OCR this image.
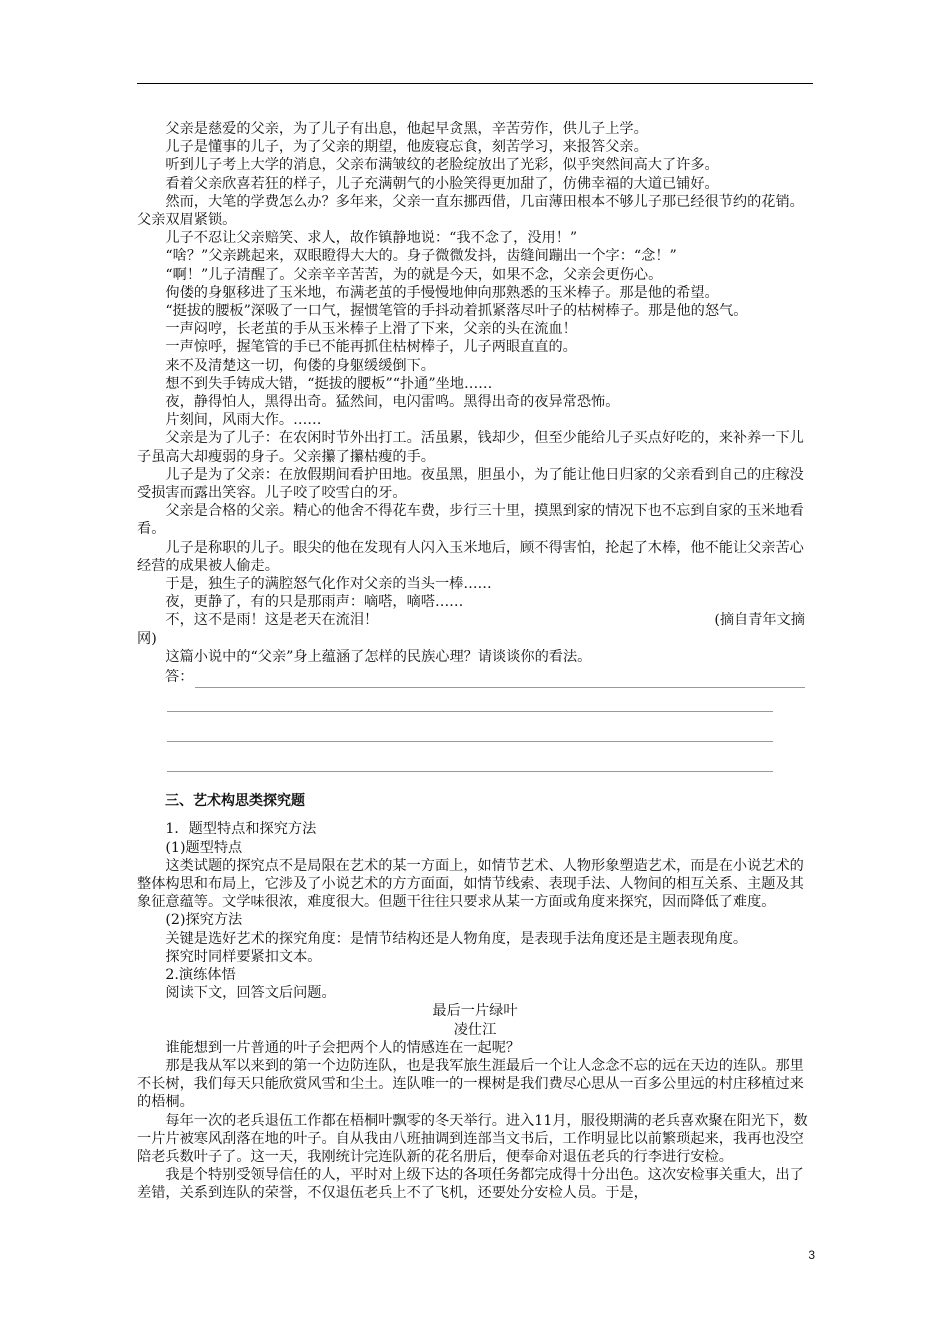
父亲是慈爱的父亲，为了儿子有出息，他起早贪黑，辛苦劳作，供儿子上学。

儿子是懂事的儿子，为了父亲的期望，他废寝忘食，刻苦学习，来报答父亲。

听到儿子考上大学的消息，父亲布满皱纹的老脸绽放出了光彩，似乎突然间高大了许多。

看着父亲欣喜若狂的样子，儿子充满朝气的小脸笑得更加甜了，仿佛幸福的大道已铺好。

然而，大笔的学费怎么办？多年来，父亲一直东挪西借，几亩薄田根本不够儿子那已经很节约的花销。父亲双眉紧锁。

儿子不忍让父亲赔笑、求人，故作镇静地说：“我不念了，没用！”

“啥？”父亲跳起来，双眼瞪得大大的。身子微微发抖，齿缝间蹦出一个字：“念！”

“啊！”儿子清醒了。父亲辛辛苦苦，为的就是今天，如果不念，父亲会更伤心。

佝偻的身躯移进了玉米地，布满老茧的手慢慢地伸向那熟悉的玉米棒子。那是他的希望。

“挺拔的腰板”深吸了一口气，握惯笔管的手抖动着抓紧落尽叶子的枯树棒子。那是他的怒气。

一声闷哼，长老茧的手从玉米棒子上滑了下来，父亲的头在流血！

一声惊呼，握笔管的手已不能再抓住枯树棒子，儿子两眼直直的。

来不及清楚这一切，佝偻的身躯缓缓倒下。

想不到失手铸成大错，“挺拔的腰板”“扑通”坐地……

夜，静得怕人，黑得出奇。猛然间，电闪雷鸣。黑得出奇的夜异常恐怖。

片刻间，风雨大作。……

父亲是为了儿子：在农闲时节外出打工。活虽累，钱却少，但至少能给儿子买点好吃的，来补养一下儿子虽高大却瘦弱的身子。父亲攥了攥枯瘦的手。

儿子是为了父亲：在放假期间看护田地。夜虽黑，胆虽小，为了能让他日归家的父亲看到自己的庄稼没受损害而露出笑容。儿子咬了咬雪白的牙。

父亲是合格的父亲。精心的他舍不得花车费，步行三十里，摸黑到家的情况下也不忘到自家的玉米地看看。

儿子是称职的儿子。眼尖的他在发现有人闪入玉米地后，顾不得害怕，抡起了木棒，他不能让父亲苦心经营的成果被人偷走。

于是，独生子的满腔怒气化作对父亲的当头一棒……

夜，更静了，有的只是那雨声：嘀嗒，嘀嗒……

不，这不是雨！这是老天在流泪！	(摘自青年文摘

网)

这篇小说中的“父亲”身上蕴涵了怎样的民族心理？请谈谈你的看法。

答：
三、艺术构思类探究题

1．题型特点和探究方法

(1)题型特点

这类试题的探究点不是局限在艺术的某一方面上，如情节艺术、人物形象塑造艺术，而是在小说艺术的整体构思和布局上，它涉及了小说艺术的方方面面，如情节线索、表现手法、人物间的相互关系、主题及其象征意蕴等。文学味很浓，难度很大。但题干往往只要求从某一方面或角度来探究，因而降低了难度。

(2)探究方法

关键是选好艺术的探究角度：是情节结构还是人物角度，是表现手法角度还是主题表现角度。

探究时同样要紧扣文本。

2.演练体悟

阅读下文，回答文后问题。

最后一片绿叶

凌仕江

谁能想到一片普通的叶子会把两个人的情感连在一起呢？

那是我从军以来到的第一个边防连队，也是我军旅生涯最后一个让人念念不忘的远在天边的连队。那里不长树，我们每天只能欣赏风雪和尘土。连队唯一的一棵树是我们费尽心思从一百多公里远的村庄移植过来的梧桐。

每年一次的老兵退伍工作都在梧桐叶飘零的冬天举行。进入11月，服役期满的老兵喜欢聚在阳光下，数一片片被寒风刮落在地的叶子。自从我由八班抽调到连部当文书后，工作明显比以前繁琐起来，我再也没空陪老兵数叶子了。这一天，我刚统计完连队新的花名册后，便奉命对退伍老兵的行李进行安检。

我是个特别受领导信任的人，平时对上级下达的各项任务都完成得十分出色。这次安检事关重大，出了差错，关系到连队的荣誉，不仅退伍老兵上不了飞机，还要处分安检人员。于是，

3
